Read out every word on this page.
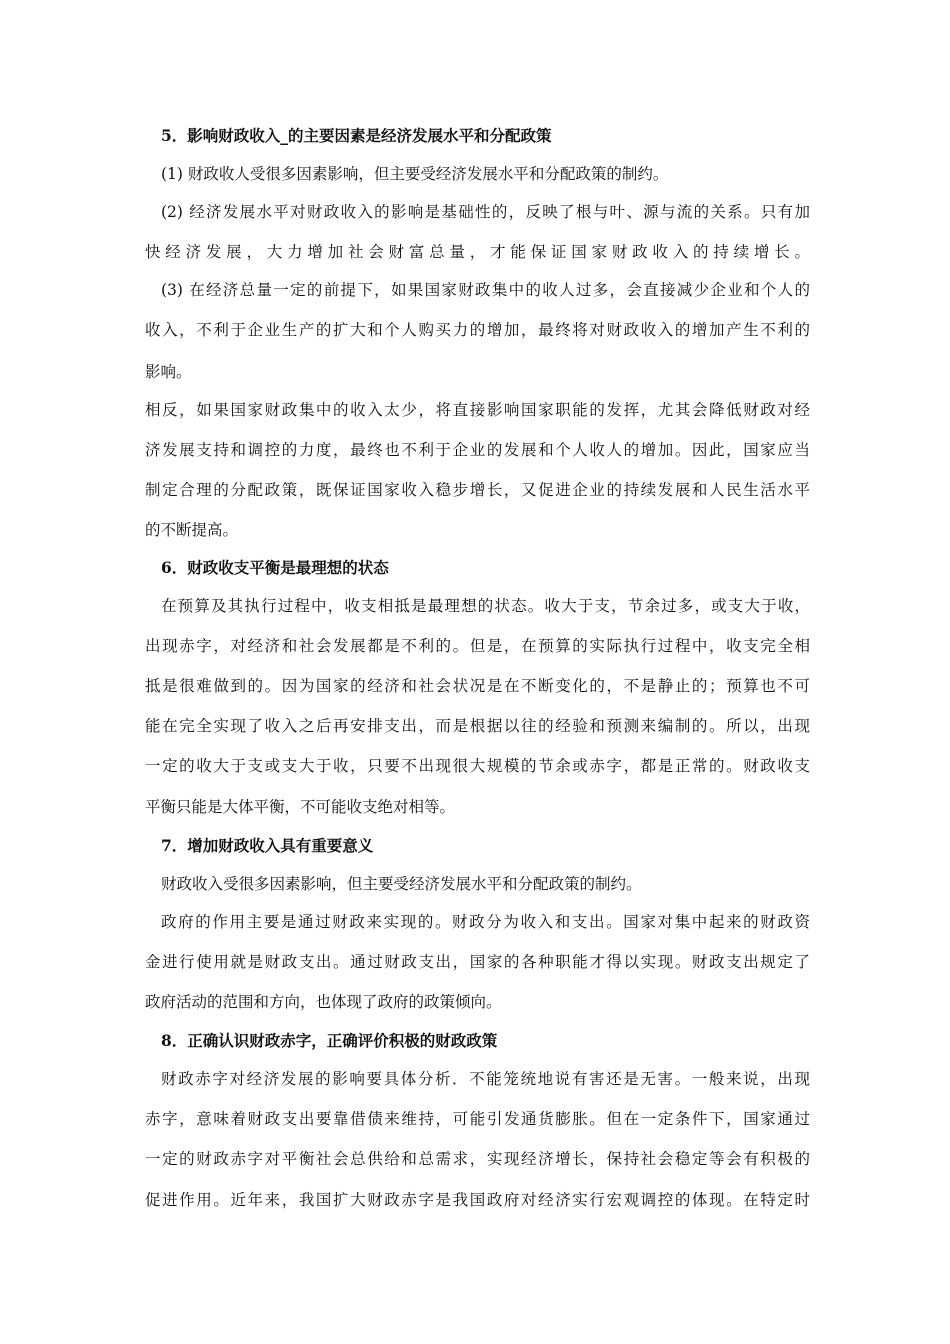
5．影响财政收入_的主要因素是经济发展水平和分配政策
(1) 财政收人受很多因素影响，但主要受经济发展水平和分配政策的制约。
(2) 经济发展水平对财政收入的影响是基础性的，反映了根与叶、源与流的关系。只有加
快经济发展，大力增加社会财富总量，才能保证国家财政收入的持续增长。
(3) 在经济总量一定的前提下，如果国家财政集中的收人过多，会直接减少企业和个人的
收入，不利于企业生产的扩大和个人购买力的增加，最终将对财政收入的增加产生不利的
影响。
相反，如果国家财政集中的收入太少，将直接影响国家职能的发挥，尤其会降低财政对经
济发展支持和调控的力度，最终也不利于企业的发展和个人收人的增加。因此，国家应当
制定合理的分配政策，既保证国家收入稳步增长，又促进企业的持续发展和人民生活水平
的不断提高。
6．财政收支平衡是最理想的状态
在预算及其执行过程中，收支相抵是最理想的状态。收大于支，节余过多，或支大于收，
出现赤字，对经济和社会发展都是不利的。但是，在预算的实际执行过程中，收支完全相
抵是很难做到的。因为国家的经济和社会状况是在不断变化的，不是静止的；预算也不可
能在完全实现了收入之后再安排支出，而是根据以往的经验和预测来编制的。所以，出现
一定的收大于支或支大于收，只要不出现很大规模的节余或赤字，都是正常的。财政收支
平衡只能是大体平衡，不可能收支绝对相等。
7．增加财政收入具有重要意义
财政收入受很多因素影响，但主要受经济发展水平和分配政策的制约。
政府的作用主要是通过财政来实现的。财政分为收入和支出。国家对集中起来的财政资
金进行使用就是财政支出。通过财政支出，国家的各种职能才得以实现。财政支出规定了
政府活动的范围和方向，也体现了政府的政策倾向。
8．正确认识财政赤字，正确评价积极的财政政策
财政赤字对经济发展的影响要具体分析．不能笼统地说有害还是无害。一般来说，出现
赤字，意味着财政支出要靠借债来维持，可能引发通货膨胀。但在一定条件下，国家通过
一定的财政赤字对平衡社会总供给和总需求，实现经济增长，保持社会稳定等会有积极的
促进作用。近年来，我国扩大财政赤字是我国政府对经济实行宏观调控的体现。在特定时
